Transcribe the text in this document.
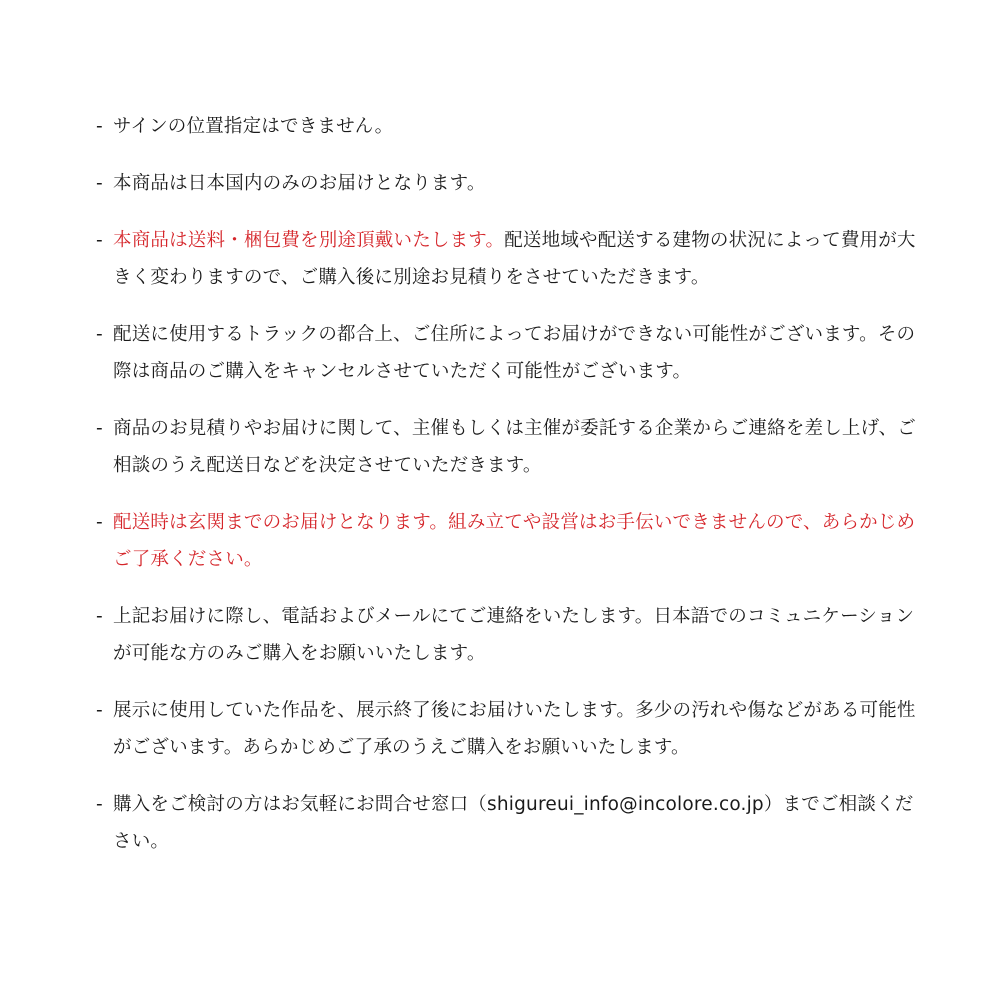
- サインの位置指定はできません。
- 本商品は日本国内のみのお届けとなります。
- 本商品は送料・梱包費を別途頂戴いたします。配送地域や配送する建物の状況によって費用が大きく変わりますので、ご購入後に別途お見積りをさせていただきます。
- 配送に使用するトラックの都合上、ご住所によってお届けができない可能性がございます。その際は商品のご購入をキャンセルさせていただく可能性がございます。
- 商品のお見積りやお届けに関して、主催もしくは主催が委託する企業からご連絡を差し上げ、ご相談のうえ配送日などを決定させていただきます。
- 配送時は玄関までのお届けとなります。組み立てや設営はお手伝いできませんので、あらかじめご了承ください。
- 上記お届けに際し、電話およびメールにてご連絡をいたします。日本語でのコミュニケーションが可能な方のみご購入をお願いいたします。
- 展示に使用していた作品を、展示終了後にお届けいたします。多少の汚れや傷などがある可能性がございます。あらかじめご了承のうえご購入をお願いいたします。
- 購入をご検討の方はお気軽にお問合せ窓口（shigureui_info@incolore.co.jp）までご相談ください。
